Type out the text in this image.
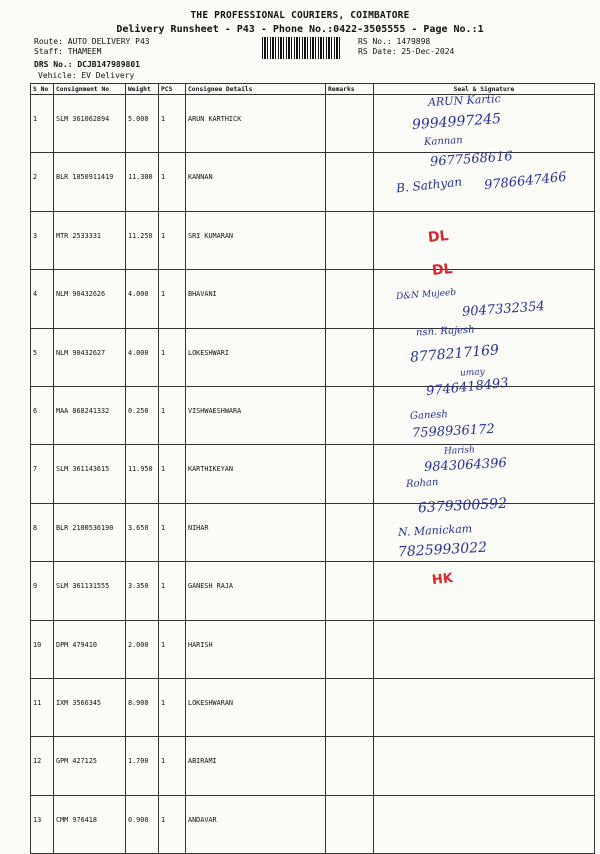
THE PROFESSIONAL COURIERS, COIMBATORE
Delivery Runsheet - P43 - Phone No.:0422-3505555 - Page No.:1
Route: AUTO DELIVERY P43
Staff: THAMEEM
DRS No.: DCJB147989801
Vehicle: EV Delivery
RS No.: 1479898
RS Date: 25-Dec-2024
S No	Consignment No	Weight	PCS	Consignee Details	Remarks	Seal & Signature
1	SLM 361062894	5.000	1	ARUN KARTHICK		
2	BLR 1850911419	11.300	1	KANNAN		
3	MTR 2533331	11.250	1	SRI KUMARAN		
4	NLM 90432626	4.000	1	BHAVANI		
5	NLM 90432627	4.000	1	LOKESHWARI		
6	MAA 868241332	0.250	1	VISHWAESHWARA		
7	SLM 361143615	11.950	1	KARTHIKEYAN		
8	BLR 2100536190	3.650	1	NIHAR		
9	SLM 361131555	3.350	1	GANESH RAJA		
10	DPM 479410	2.000	1	HARISH		
11	IXM 3566345	8.900	1	LOKESHWARAN		
12	GPM 427125	1.700	1	ABIRAMI		
13	CMM 976418	0.900	1	ANDAVAR		
ARUN Kartic
9994997245
Kannan
9677568616
B. Sathyan 9786647466
DL
DL
D&N Mujeeb
9047332354
nsn. Rajesh
8778217169
umay
9746418493
Ganesh
7598936172
Harish
9843064396
Rohan
6379300592
N. Manickam
7825993022
HK
